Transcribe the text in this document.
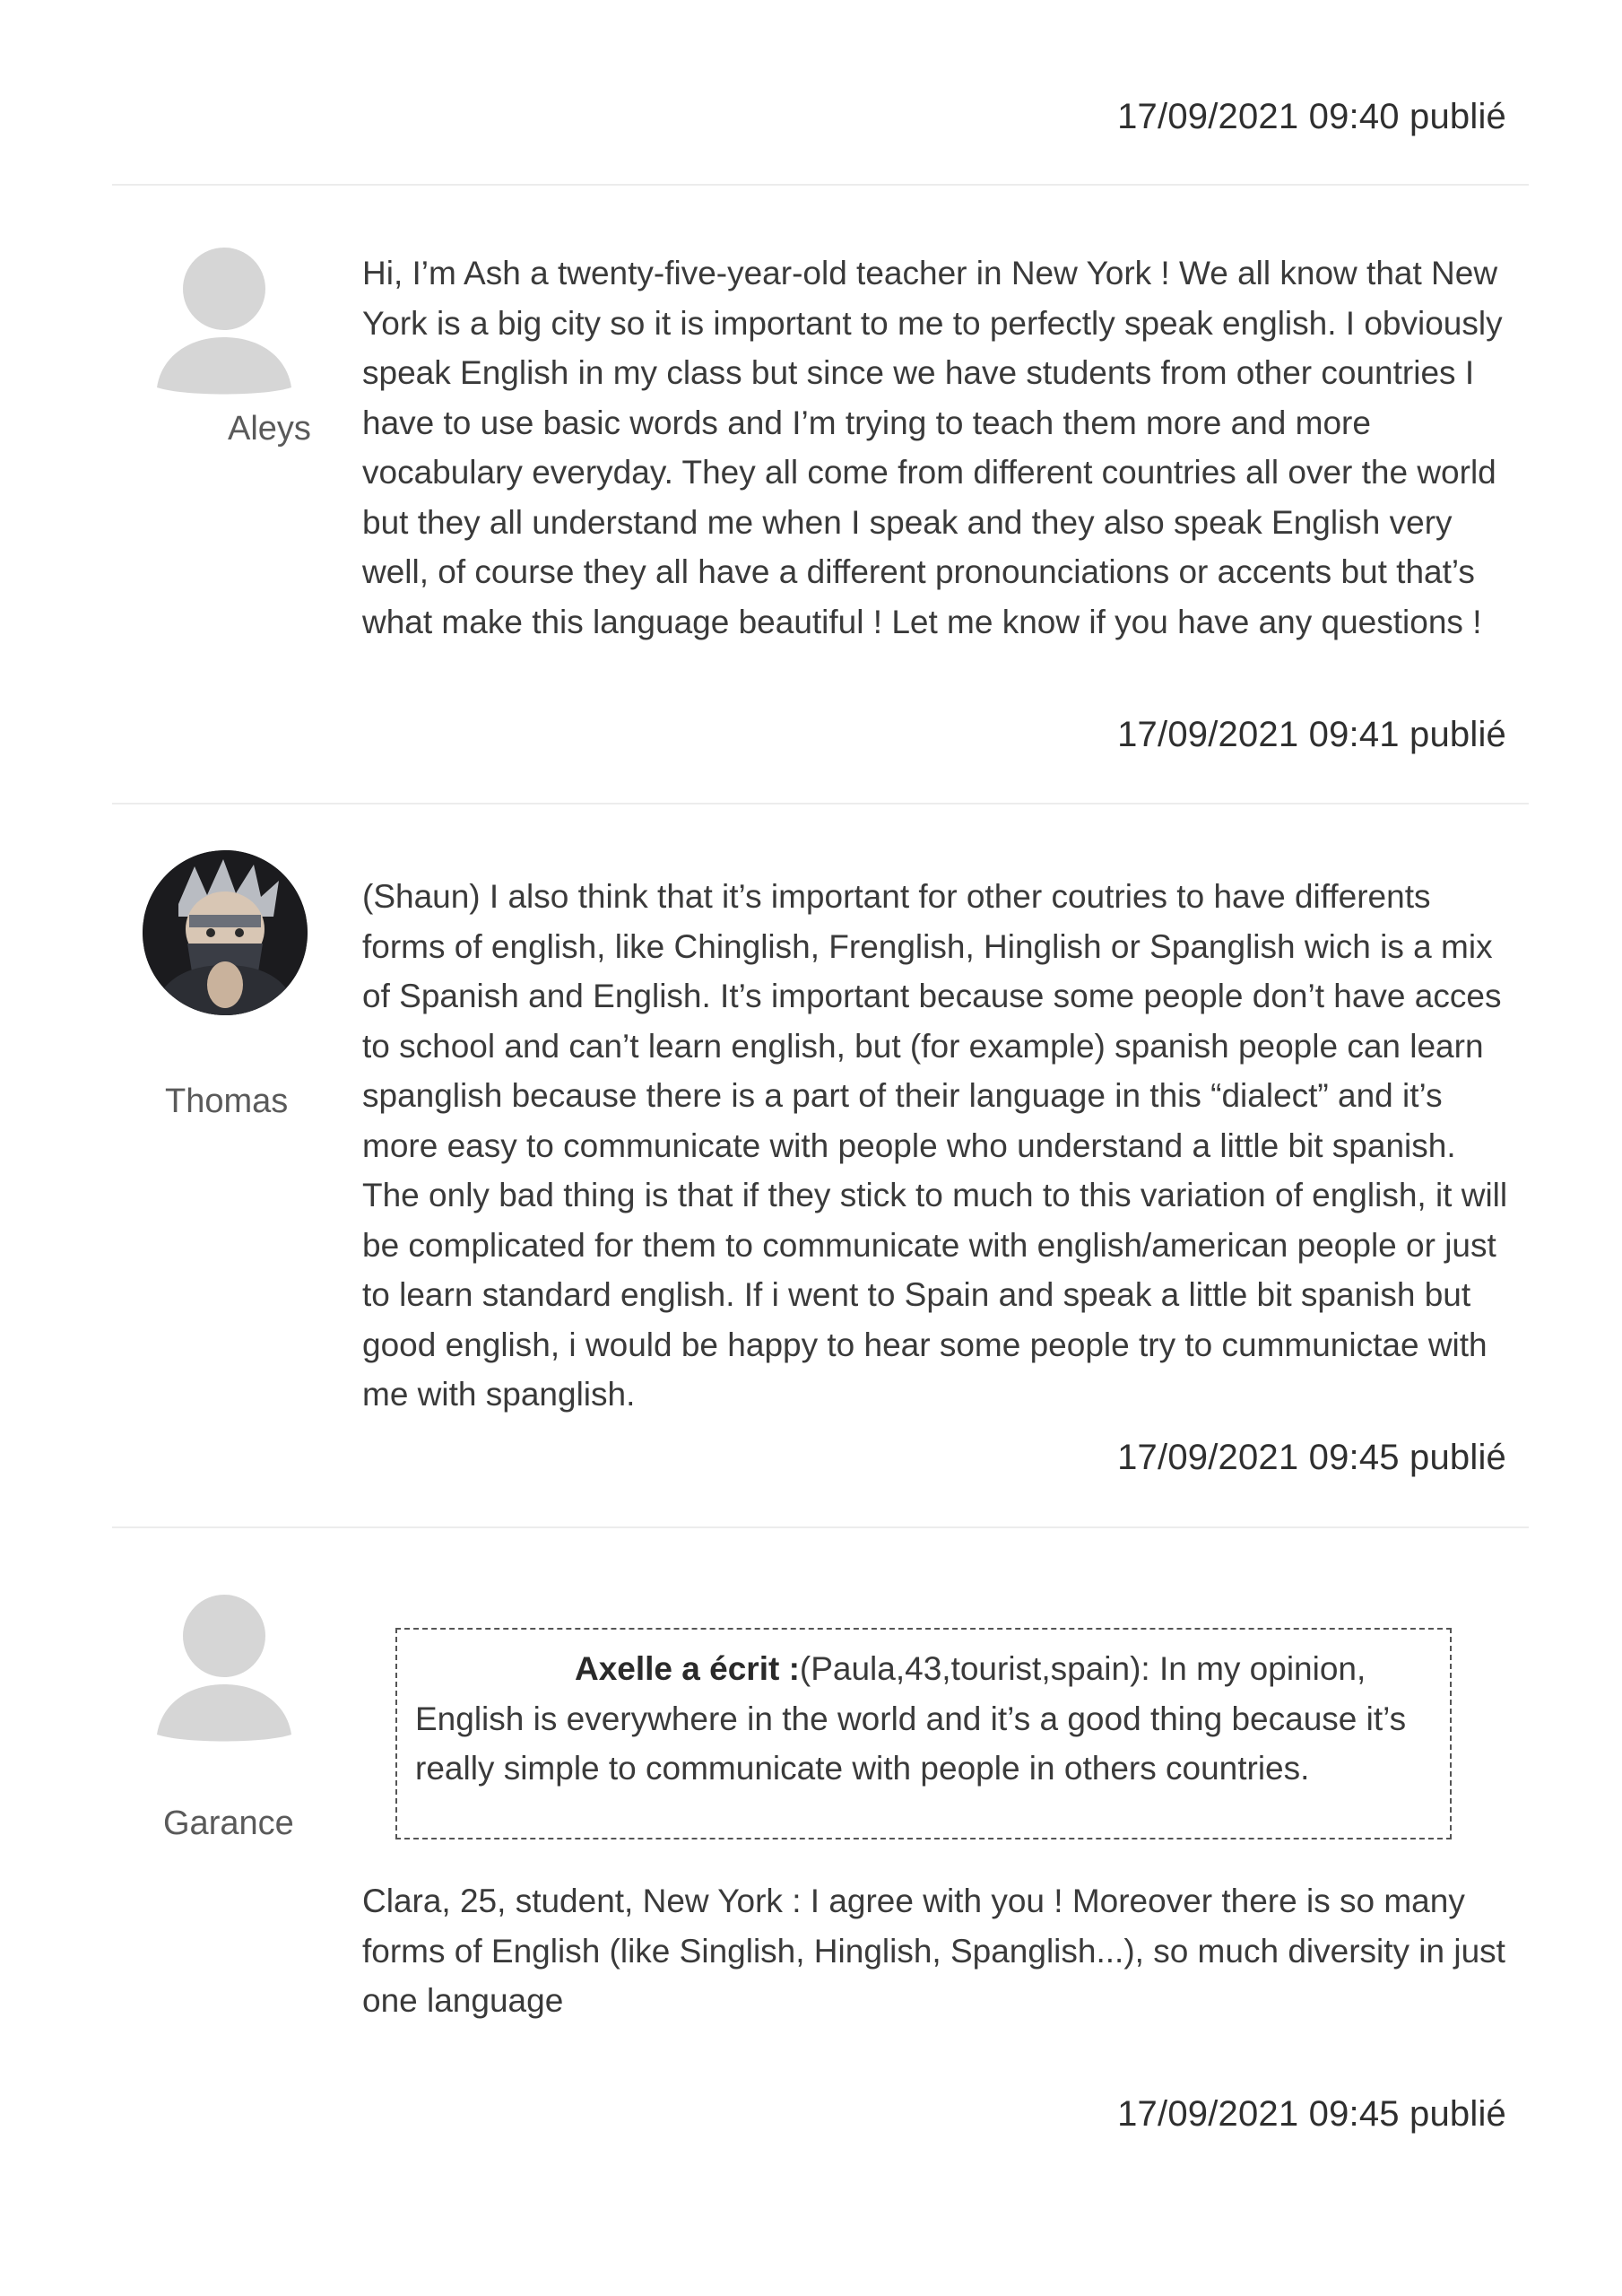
17/09/2021 09:40 publié
Aleys
Hi, I’m Ash a twenty-five-year-old teacher in New York ! We all know that New York is a big city so it is important to me to perfectly speak english. I obviously speak English in my class but since we have students from other countries I have to use basic words and I’m trying to teach them more and more vocabulary everyday. They all come from different countries all over the world but they all understand me when I speak and they also speak English very well, of course they all have a different pronounciations or accents but that’s what make this language beautiful ! Let me know if you have any questions !
17/09/2021 09:41 publié
Thomas
(Shaun) I also think that it’s important for other coutries to have differents forms of english, like Chinglish, Frenglish, Hinglish or Spanglish wich is a mix of Spanish and English. It’s important because some people don’t have acces to school and can’t learn english, but (for example) spanish people can learn spanglish because there is a part of their language in this “dialect” and it’s more easy to communicate with people who understand a little bit spanish. The only bad thing is that if they stick to much to this variation of english, it will be complicated for them to communicate with english/american people or just to learn standard english. If i went to Spain and speak a little bit spanish but good english, i would be happy to hear some people try to cummunictae with me with spanglish.
17/09/2021 09:45 publié
Garance
Axelle a écrit :(Paula,43,tourist,spain): In my opinion, English is everywhere in the world and it’s a good thing because it’s really simple to communicate with people in others countries.
Clara, 25, student, New York : I agree with you ! Moreover there is so many forms of English (like Singlish, Hinglish, Spanglish...), so much diversity in just one language
17/09/2021 09:45 publié
